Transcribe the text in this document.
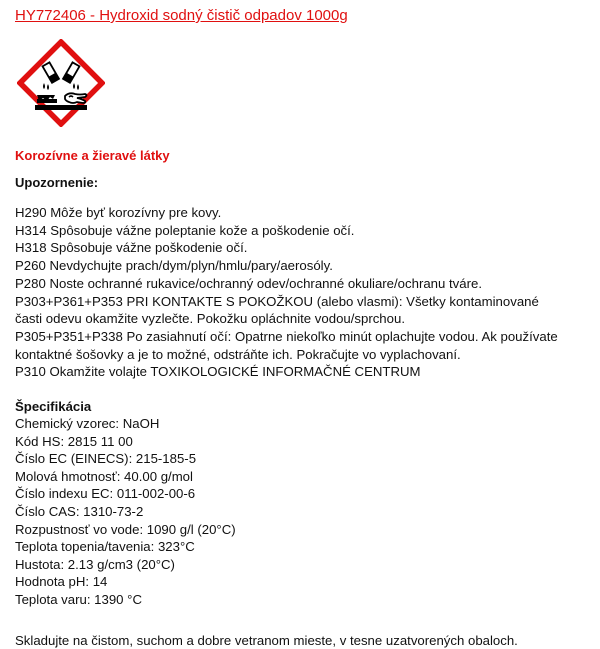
HY772406 - Hydroxid sodný čistič odpadov 1000g
Korozívne a žieravé látky
Upozornenie:
H290 Môže byť korozívny pre kovy.
H314 Spôsobuje vážne poleptanie kože a poškodenie očí.
H318 Spôsobuje vážne poškodenie očí.
P260 Nevdychujte prach/dym/plyn/hmlu/pary/aerosóly.
P280 Noste ochranné rukavice/ochranný odev/ochranné okuliare/ochranu tváre.
P303+P361+P353 PRI KONTAKTE S POKOŽKOU (alebo vlasmi): Všetky kontaminované
časti odevu okamžite vyzlečte. Pokožku opláchnite vodou/sprchou.
P305+P351+P338 Po zasiahnutí očí: Opatrne niekoľko minút oplachujte vodou. Ak používate
kontaktné šošovky a je to možné, odstráňte ich. Pokračujte vo vyplachovaní.
P310 Okamžite volajte TOXIKOLOGICKÉ INFORMAČNÉ CENTRUM
Špecifikácia
Chemický vzorec: NaOH
Kód HS: 2815 11 00
Číslo EC (EINECS): 215-185-5
Molová hmotnosť: 40.00 g/mol
Číslo indexu EC: 011-002-00-6
Číslo CAS: 1310-73-2
Rozpustnosť vo vode: 1090 g/l (20°C)
Teplota topenia/tavenia: 323°C
Hustota: 2.13 g/cm3 (20°C)
Hodnota pH: 14
Teplota varu: 1390 °C
Skladujte na čistom, suchom a dobre vetranom mieste, v tesne uzatvorených obaloch.
